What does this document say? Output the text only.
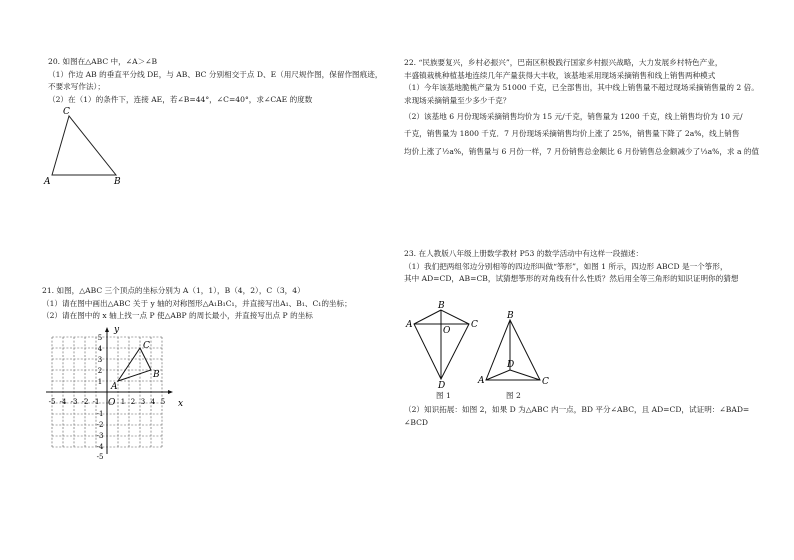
20. 如图在△ABC 中，∠A＞∠B

（1）作边 AB 的垂直平分线 DE，与 AB、BC 分别相交于点 D、E（用尺规作图，保留作图痕迹，

不要求写作法）；

（2）在（1）的条件下，连接 AE，若∠B=44°，∠C=40°，求∠CAE 的度数

C
A	B

21. 如图，△ABC 三个顶点的坐标分别为 A（1，1），B（4，2），C（3，4）

（1）请在图中画出△ABC 关于 y 轴的对称图形△A₁B₁C₁，并直接写出A₁、B₁、C₁的坐标；

（2）请在图中的 x 轴上找一点 P 使△ABP 的周长最小，并直接写出点 P 的坐标

x
y
O
-5 -4 -3 -2 -1	1 2 3 4 5
5
4
3
2
1
-1
-2
-3
-4
-5
A
B
C

22. “民族要复兴，乡村必振兴”，巴南区积极践行国家乡村振兴战略，大力发展乡村特色产业，

丰盛镇栽桃种植基地连续几年产量获得大丰收，该基地采用现场采摘销售和线上销售两种模式

（1）今年该基地脆桃产量为 51000 千克，已全部售出，其中线上销售量不超过现场采摘销售量的 2 倍。

求现场采摘销量至少多少千克？

（2）该基地 6 月份现场采摘销售均价为 15 元/千克，销售量为 1200 千克，线上销售均价为 10 元/

千克，销售量为 1800 千克．7 月份现场采摘销售均价上涨了 25%，销售量下降了 2a%，线上销售

均价上涨了½a%，销售量与 6 月份一样，7 月份销售总金额比 6 月份销售总金额减少了⅓a%，求 a 的值

23. 在人教版八年级上册数学教材 P53 的数学活动中有这样一段描述：

（1）我们把两组邻边分别相等的四边形叫做“筝形”，如图 1 所示，四边形 ABCD 是一个筝形，

其中 AD=CD，AB=CB，试猜想筝形的对角线有什么性质？然后用全等三角形的知识证明你的猜想

B
A	C
O
D
图 1
B
D
A	C
图 2

（2）知识拓展：如图 2，如果 D 为△ABC 内一点，BD 平分∠ABC，且 AD=CD，试证明：∠BAD=

∠BCD
